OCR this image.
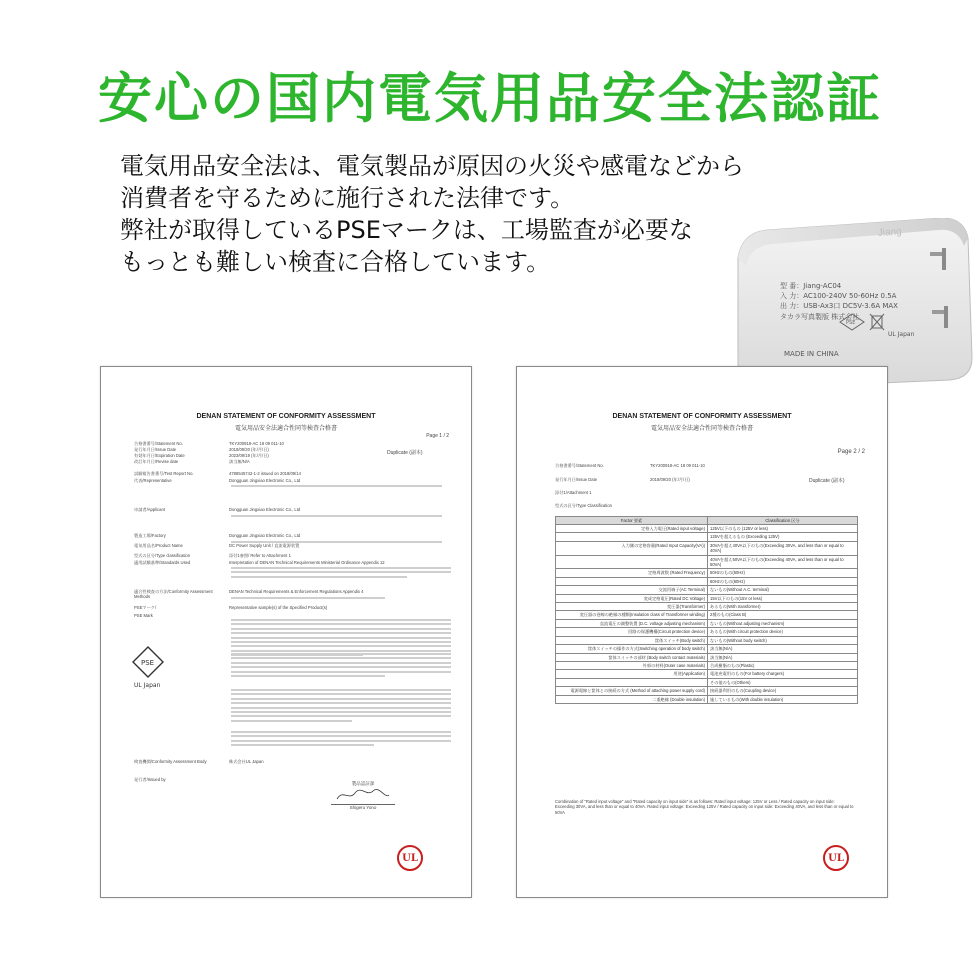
安心の国内電気用品安全法認証
電気用品安全法は、電気製品が原因の火災や感電などから
消費者を守るために施行された法律です。
弊社が取得しているPSEマークは、工場監査が必要な
もっとも難しい検査に合格しています。
Jiang
型 番：Jiang-AC04
入 力：AC100-240V 50-60Hz 0.5A
出 力：USB-Ax3口 DC5V-3.6A MAX
タカラ写真製版 株式会社
PSE
UL Japan
MADE IN CHINA
DENAN STATEMENT OF CONFORMITY ASSESSMENT
電気用品安全法適合性同等検査合格書
Page 1 / 2
Duplicate (副本)
合格書番号/Statement No.	TKY200918-AC 18 09 011-10
発行年月日/Issue Date	2018/09/20 (年/月/日)
有効年月日/Expiration Date	2023/09/19 (年/月/日)
改訂年月日/Revise date	該当無/N/A
試験報告書番号/Test Report No.	4788545742-1-2 issued on 2018/09/14
代表/Representative	Dongguan Jingxiao Electronic Co., Ltd
申請者/Applicant	Dongguan Jingxiao Electronic Co., Ltd
製造工場/Factory	Dongguan Jingxiao Electronic Co., Ltd
電気用品名/Product Name	DC Power Supply Unit / 直流電源装置
型式の区分/Type classification	添付1参照/ Refer to Attachment 1
適用試験基準/Standards Used	Interpretation of DENAN Technical Requirements Ministerial Ordinance Appendix 12
適合性検査の方法/Conformity Assessment Methods
DENAN Technical Requirements & Enforcement Regulations Appendix 4
PSEマーク/	Representative sample(s) of the Specified Product(s)
PSE Mark
検査機関/Conformity Assessment Body	株式会社UL Japan
発行者/Issued by
PSE
UL Japan
製品認証課
Shigeru Yono
UL
DENAN STATEMENT OF CONFORMITY ASSESSMENT
電気用品安全法適合性同等検査合格書
Page 2 / 2
Duplicate (副本)
合格書番号/Statement No.	TKY200918-AC 18 09 011-10
発行年月日/Issue Date	2018/09/20 (年/月/日)
添付1/Attachment 1
型式の区分/Type Classification
Factor 要素	Classification 区分
定格入力電圧(Rated input voltage)	125V以下のもの (125V or less)
	125Vを超えるもの (Exceeding 125V)
入力側の定格容量(Rated Input Capacity(VA))	30VAを超え40VA以下のもの(Exceeding 30VA, and less than or equal to 40VA)
	40VAを超え50VA以下のもの(Exceeding 40VA, and less than or equal to 50VA)
定格周波数 (Rated Frequency)	50Hzのもの(50Hz)
	60Hzのもの(60Hz)
交流用端子(AC Terminal)	ないもの(Without A.C. terminal)
変成定格電圧(Rated DC Voltage)	15V以下のもの(15V or less)
変圧器(Transformer)	あるもの(With transformer)
変圧器の巻線の絶縁の種類(Insulation class of Transformer winding)	2種のもの(Class B)
直流電圧の調整装置 (D.C. voltage adjusting mechanism)	ないもの(Without adjusting mechanism)
回路の保護機構(Circuit protection device)	あるもの(With circuit protection device)
筐体スイッチ(Body switch)	ないもの(Without body switch)
筐体スイッチの操作の方式(Switching operation of body switch)	該当無(N/A)
筐体スイッチの部材 (Body switch contact materials)	該当無(N/A)
外郭の材料(Outer case materials)	合成樹脂のもの(Plastic)
用途(Application)	電池充電用のもの(For battery chargers)
	その他のもの(Others)
電源電線と筐体との接続の方式 (Method of attaching power supply cord)	接続器利用のもの(Coupling device)
二重絶縁 (Double insulation)	施しているもの(With double insulation)
Combination of "Rated input voltage" and "Rated capacity on input side" is as follows: Rated input voltage: 125V or Less / Rated capacity on input side: Exceeding 30VA, and less than or equal to 40VA. Rated input voltage: Exceeding 125V / Rated capacity on input side: Exceeding 40VA, and less than or equal to 50VA
UL
